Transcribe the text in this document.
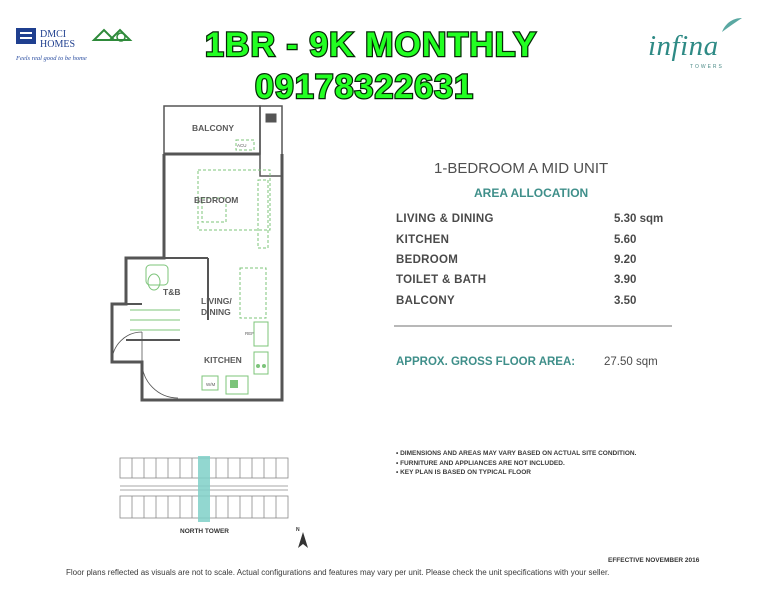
DMCI
HOMES
Feels real good to be home	infina
TOWERS
1BR - 9K MONTHLY
09178322631
BALCONY
BEDROOM
T&B
LIVING/
DINING
KITCHEN
ACU
REF
W/M
1-BEDROOM A MID UNIT
AREA ALLOCATION
LIVING & DINING	5.30 sqm
KITCHEN	5.60
BEDROOM	9.20
TOILET & BATH	3.90
BALCONY	3.50
APPROX. GROSS FLOOR AREA:	27.50 sqm
• DIMENSIONS AND AREAS MAY VARY BASED ON ACTUAL SITE CONDITION.
• FURNITURE AND APPLIANCES ARE NOT INCLUDED.
• KEY PLAN IS BASED ON TYPICAL FLOOR
NORTH TOWER	N
EFFECTIVE NOVEMBER 2016
Floor plans reflected as visuals are not to scale. Actual configurations and features may vary per unit. Please check the unit specifications with your seller.
